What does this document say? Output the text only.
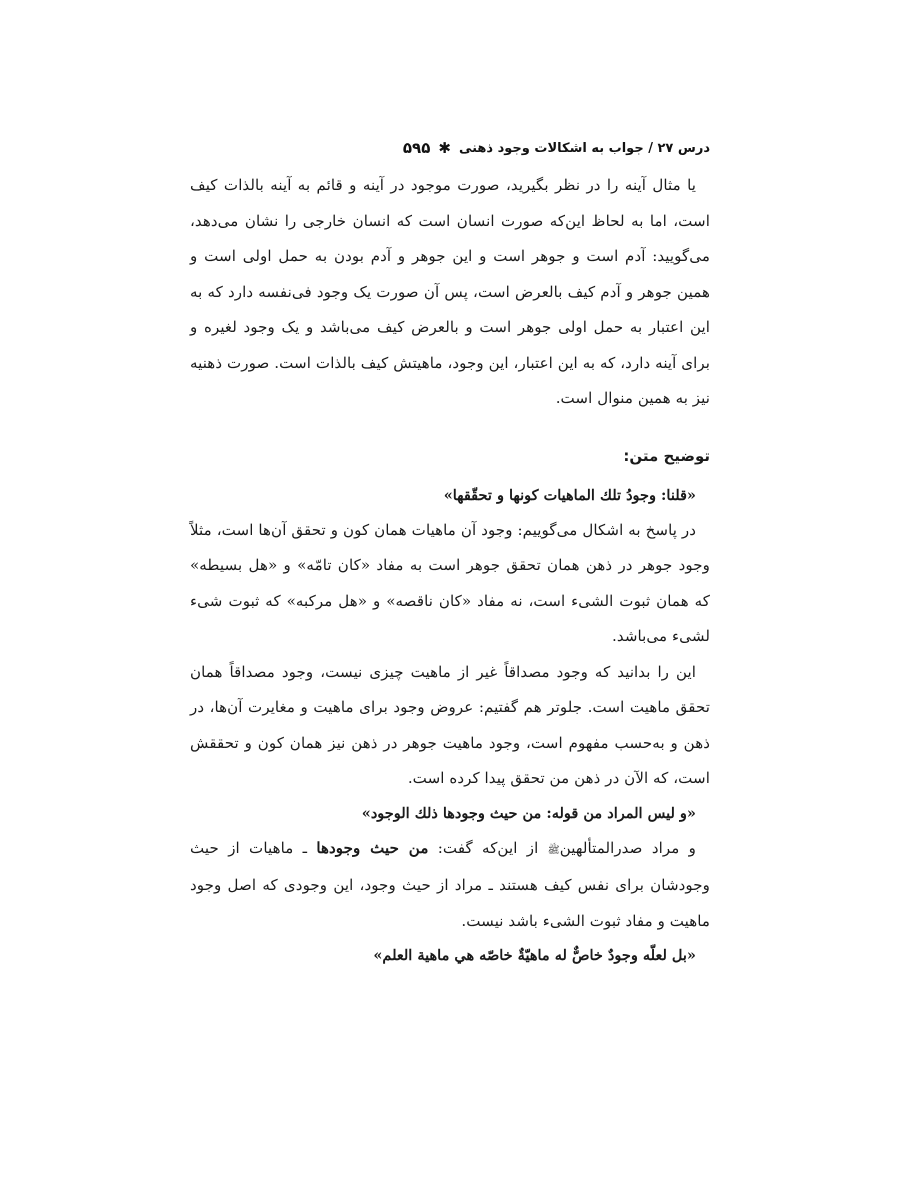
درس ۲۷ / جواب به اشکالات وجود ذهنی
✱
۵۹۵

یا مثال آینه را در نظر بگیرید، صورت موجود در آینه و قائم به آینه بالذات کیف است، اما به لحاظ این‌که صورت انسان است که انسان خارجی را نشان می‌دهد، می‌گویید: آدم است و جوهر است و این جوهر و آدم بودن به حمل اولی است و همین جوهر و آدم کیف بالعرض است، پس آن صورت یک وجود فی‌نفسه دارد که به این اعتبار به حمل اولی جوهر است و بالعرض کیف می‌باشد و یک وجود لغیره و برای آینه دارد، که به این اعتبار، این وجود، ماهیتش کیف بالذات است. صورت ذهنیه نیز به همین منوال است.

توضیح متن:

«قلنا: وجودُ تلك الماهیات کونها و تحقّقها»

در پاسخ به اشکال می‌گوییم: وجود آن ماهیات همان کون و تحقق آن‌ها است، مثلاً وجود جوهر در ذهن همان تحقق جوهر است به مفاد «کان تامّه» و «هل بسیطه» که همان ثبوت الشیء است، نه مفاد «کان ناقصه» و «هل مرکبه» که ثبوت شیء لشیء می‌باشد.

این را بدانید که وجود مصداقاً غیر از ماهیت چیزی نیست، وجود مصداقاً همان تحقق ماهیت است. جلوتر هم گفتیم: عروض وجود برای ماهیت و مغایرت آن‌ها، در ذهن و به‌حسب مفهوم است، وجود ماهیت جوهر در ذهن نیز همان کون و تحققش است، که الآن در ذهن من تحقق پیدا کرده است.

«و لیس المراد من قوله: من حیث وجودها ذلك الوجود»

و مراد صدرالمتألهینﷺ از این‌که گفت: من حیث وجودها ـ ماهیات از حیث وجودشان برای نفس کیف هستند ـ مراد از حیث وجود، این وجودی که اصل وجود ماهیت و مفاد ثبوت الشیء باشد نیست.

«بل لعلّه وجودٌ خاصٌّ له ماهیّةٌ خاصّه هي ماهیة العلم»
